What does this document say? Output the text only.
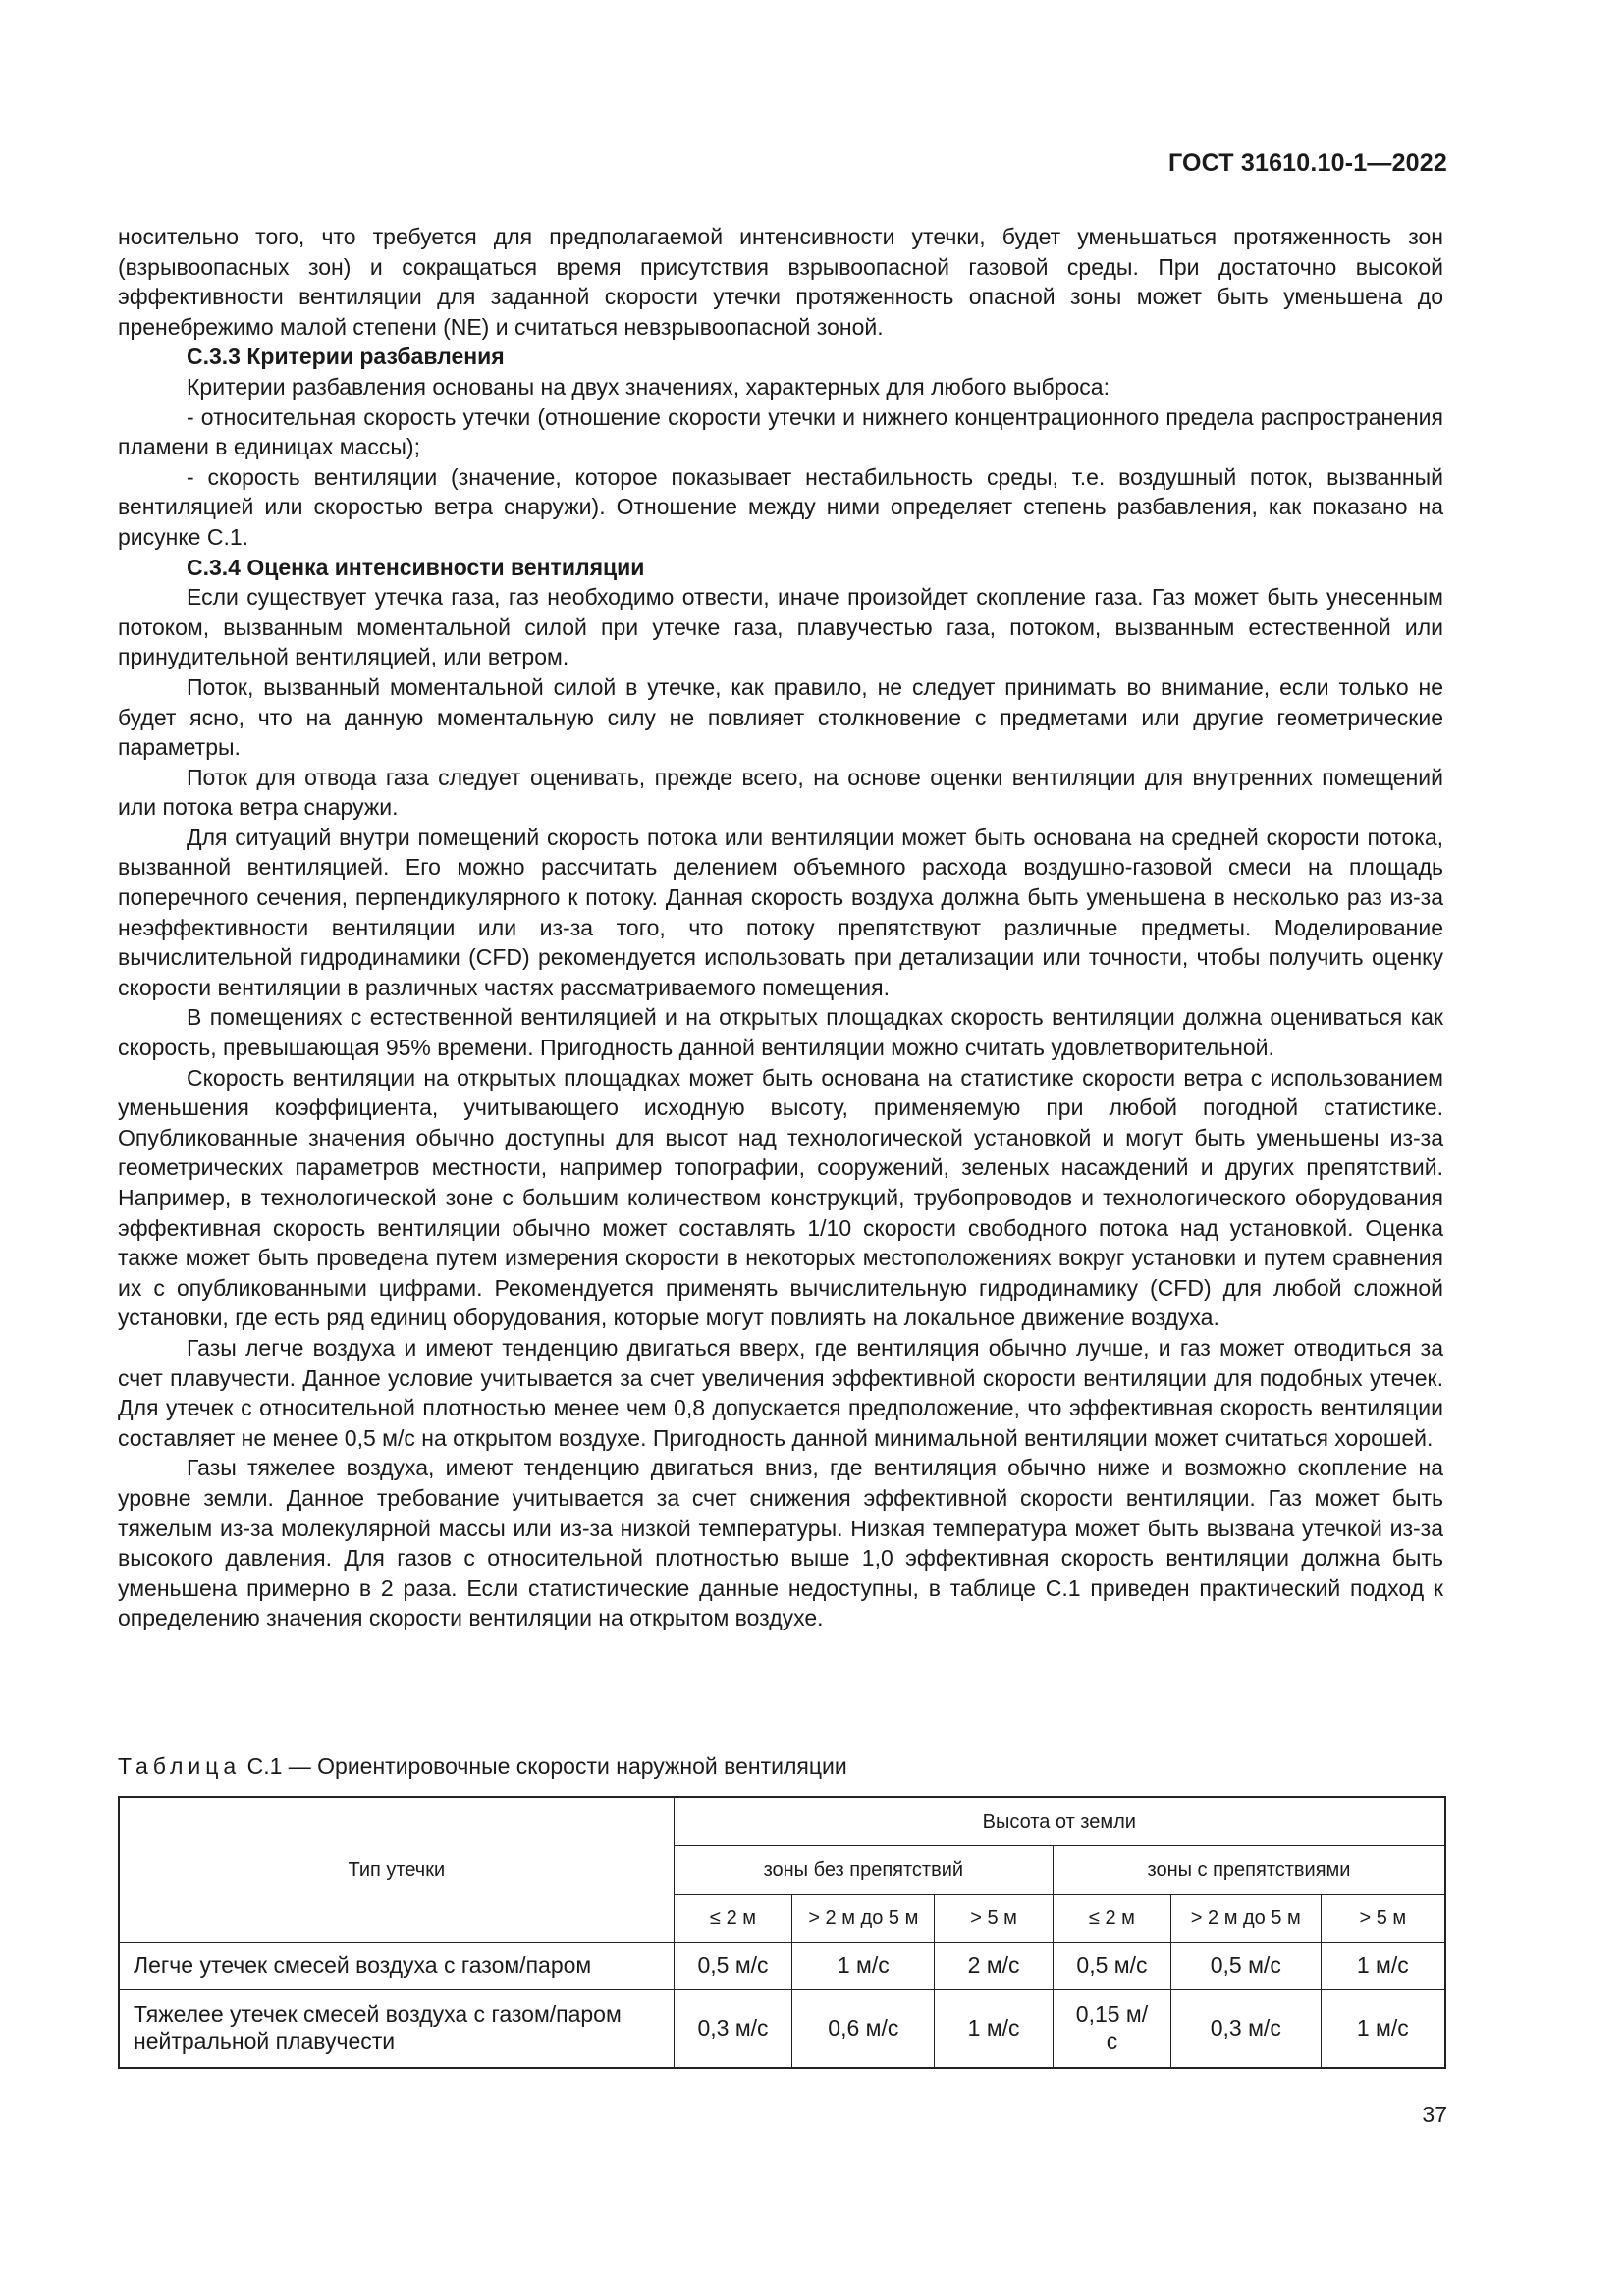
ГОСТ 31610.10-1—2022

носительно того, что требуется для предполагаемой интенсивности утечки, будет уменьшаться протяженность зон (взрывоопасных зон) и сокращаться время присутствия взрывоопасной газовой среды. При достаточно высокой эффективности вентиляции для заданной скорости утечки протяженность опасной зоны может быть уменьшена до пренебрежимо малой степени (NE) и считаться невзрывоопасной зоной.

С.3.3 Критерии разбавления

Критерии разбавления основаны на двух значениях, характерных для любого выброса:

- относительная скорость утечки (отношение скорости утечки и нижнего концентрационного предела распространения пламени в единицах массы);

- скорость вентиляции (значение, которое показывает нестабильность среды, т.е. воздушный поток, вызванный вентиляцией или скоростью ветра снаружи). Отношение между ними определяет степень разбавления, как показано на рисунке С.1.

С.3.4 Оценка интенсивности вентиляции

Если существует утечка газа, газ необходимо отвести, иначе произойдет скопление газа. Газ может быть унесенным потоком, вызванным моментальной силой при утечке газа, плавучестью газа, потоком, вызванным естественной или принудительной вентиляцией, или ветром.

Поток, вызванный моментальной силой в утечке, как правило, не следует принимать во внимание, если только не будет ясно, что на данную моментальную силу не повлияет столкновение с предметами или другие геометрические параметры.

Поток для отвода газа следует оценивать, прежде всего, на основе оценки вентиляции для внутренних помещений или потока ветра снаружи.

Для ситуаций внутри помещений скорость потока или вентиляции может быть основана на средней скорости потока, вызванной вентиляцией. Его можно рассчитать делением объемного расхода воздушно-газовой смеси на площадь поперечного сечения, перпендикулярного к потоку. Данная скорость воздуха должна быть уменьшена в несколько раз из-за неэффективности вентиляции или из-за того, что потоку препятствуют различные предметы. Моделирование вычислительной гидродинамики (CFD) рекомендуется использовать при детализации или точности, чтобы получить оценку скорости вентиляции в различных частях рассматриваемого помещения.

В помещениях с естественной вентиляцией и на открытых площадках скорость вентиляции должна оцениваться как скорость, превышающая 95% времени. Пригодность данной вентиляции можно считать удовлетворительной.

Скорость вентиляции на открытых площадках может быть основана на статистике скорости ветра с использованием уменьшения коэффициента, учитывающего исходную высоту, применяемую при любой погодной статистике. Опубликованные значения обычно доступны для высот над технологической установкой и могут быть уменьшены из-за геометрических параметров местности, например топографии, сооружений, зеленых насаждений и других препятствий. Например, в технологической зоне с большим количеством конструкций, трубопроводов и технологического оборудования эффективная скорость вентиляции обычно может составлять 1/10 скорости свободного потока над установкой. Оценка также может быть проведена путем измерения скорости в некоторых местоположениях вокруг установки и путем сравнения их с опубликованными цифрами. Рекомендуется применять вычислительную гидродинамику (CFD) для любой сложной установки, где есть ряд единиц оборудования, которые могут повлиять на локальное движение воздуха.

Газы легче воздуха и имеют тенденцию двигаться вверх, где вентиляция обычно лучше, и газ может отводиться за счет плавучести. Данное условие учитывается за счет увеличения эффективной скорости вентиляции для подобных утечек. Для утечек с относительной плотностью менее чем 0,8 допускается предположение, что эффективная скорость вентиляции составляет не менее 0,5 м/с на открытом воздухе. Пригодность данной минимальной вентиляции может считаться хорошей.

Газы тяжелее воздуха, имеют тенденцию двигаться вниз, где вентиляция обычно ниже и возможно скопление на уровне земли. Данное требование учитывается за счет снижения эффективной скорости вентиляции. Газ может быть тяжелым из-за молекулярной массы или из-за низкой температуры. Низкая температура может быть вызвана утечкой из-за высокого давления. Для газов с относительной плотностью выше 1,0 эффективная скорость вентиляции должна быть уменьшена примерно в 2 раза. Если статистические данные недоступны, в таблице С.1 приведен практический подход к определению значения скорости вентиляции на открытом воздухе.

Таблица С.1 — Ориентировочные скорости наружной вентиляции
Тип утечки	Высота от земли					
	зоны без препятствий			зоны с препятствиями		
	≤ 2 м	> 2 м до 5 м	> 5 м	≤ 2 м	> 2 м до 5 м	> 5 м
Легче утечек смесей воздуха с газом/паром	0,5 м/с	1 м/с	2 м/с	0,5 м/с	0,5 м/с	1 м/с
Тяжелее утечек смесей воздуха с газом/паром нейтральной плавучести	0,3 м/с	0,6 м/с	1 м/с	0,15 м/с	0,3 м/с	1 м/с
37
